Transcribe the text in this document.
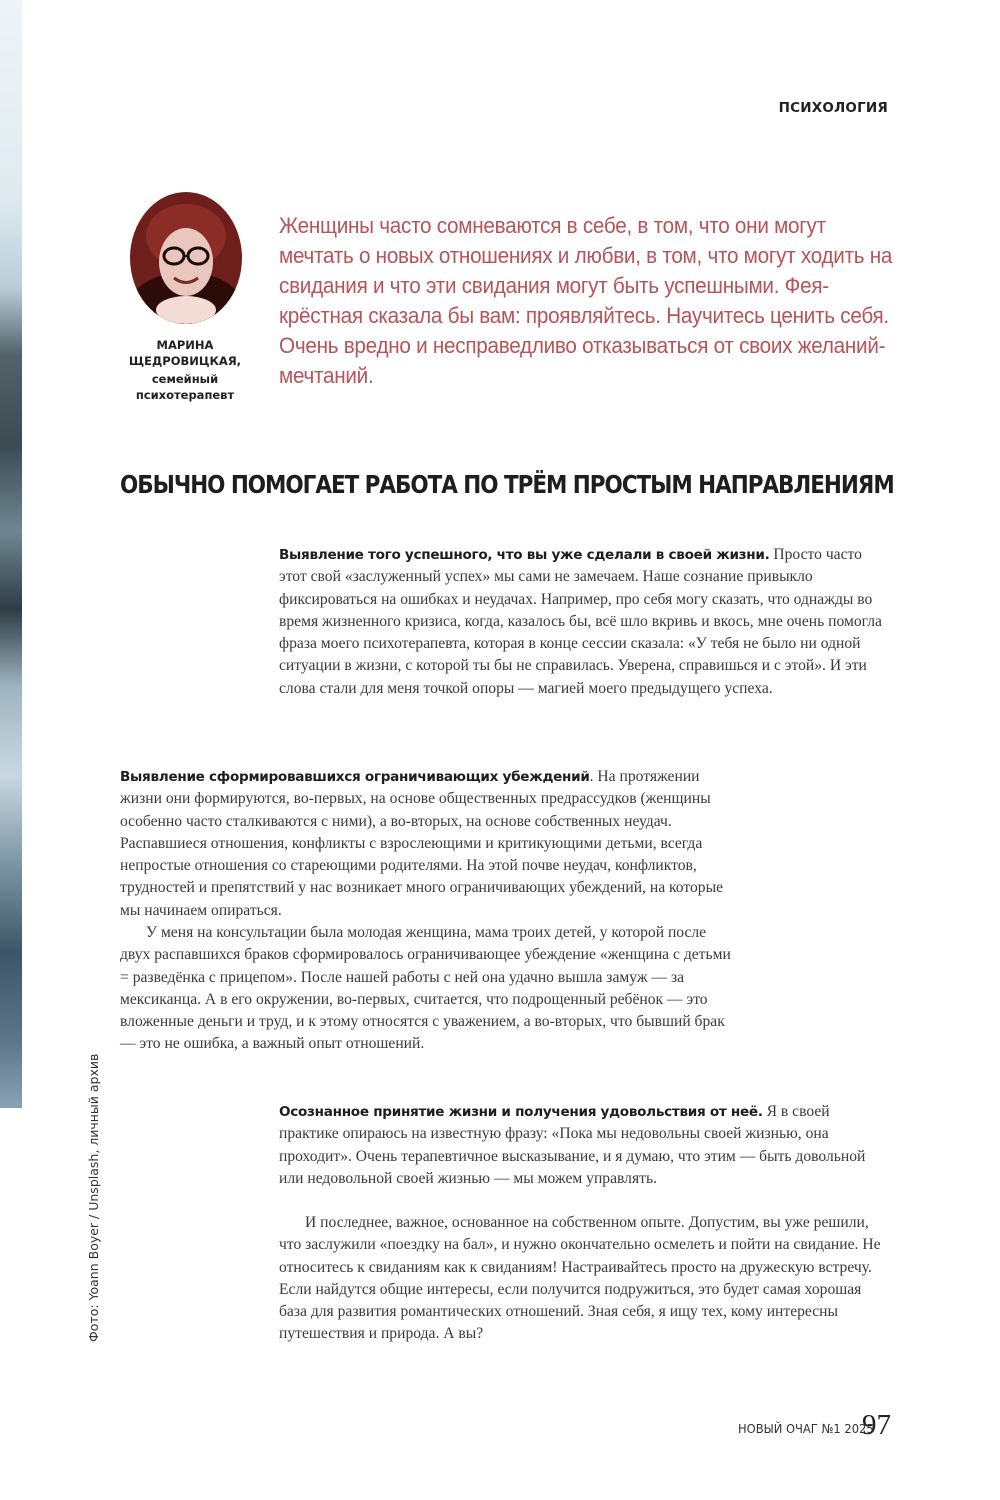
Фото: Yoann Boyer / Unsplash, личный архив
ПСИХОЛОГИЯ
МАРИНА ЩЕДРОВИЦКАЯ,
семейный психотерапевт

Женщины часто сомневаются в себе, в том, что они могут мечтать о новых отношениях и любви, в том, что могут ходить на свидания и что эти свидания могут быть успешными. Фея-крёстная сказала бы вам: проявляйтесь. Научитесь ценить себя. Очень вредно и несправедливо отказываться от своих желаний-мечтаний.

ОБЫЧНО ПОМОГАЕТ РАБОТА ПО ТРЁМ ПРОСТЫМ НАПРАВЛЕНИЯМ

Выявление того успешного, что вы уже сделали в своей жизни. Просто часто этот свой «заслуженный успех» мы сами не замечаем. Наше сознание привыкло фиксироваться на ошибках и неудачах. Например, про себя могу сказать, что однажды во время жизненного кризиса, когда, казалось бы, всё шло вкривь и вкось, мне очень помогла фраза моего психотерапевта, которая в конце сессии сказала: «У тебя не было ни одной ситуации в жизни, с которой ты бы не справилась. Уверена, справишься и с этой». И эти слова стали для меня точкой опоры — магией моего предыдущего успеха.

Выявление сформировавшихся ограничивающих убеждений. На протяжении жизни они формируются, во-первых, на основе общественных предрассудков (женщины особенно часто сталкиваются с ними), а во-вторых, на основе собственных неудач. Распавшиеся отношения, конфликты с взрослеющими и критикующими детьми, всегда непростые отношения со стареющими родителями. На этой почве неудач, конфликтов, трудностей и препятствий у нас возникает много ограничивающих убеждений, на которые мы начинаем опираться.

У меня на консультации была молодая женщина, мама троих детей, у которой после двух распавшихся браков сформировалось ограничивающее убеждение «женщина с детьми = разведёнка с прицепом». После нашей работы с ней она удачно вышла замуж — за мексиканца. А в его окружении, во-первых, считается, что подрощенный ребёнок — это вложенные деньги и труд, и к этому относятся с уважением, а во-вторых, что бывший брак — это не ошибка, а важный опыт отношений.

Осознанное принятие жизни и получения удовольствия от неё. Я в своей практике опираюсь на известную фразу: «Пока мы недовольны своей жизнью, она проходит». Очень терапевтичное высказывание, и я думаю, что этим — быть довольной или недовольной своей жизнью — мы можем управлять.

И последнее, важное, основанное на собственном опыте. Допустим, вы уже решили, что заслужили «поездку на бал», и нужно окончательно осмелеть и пойти на свидание. Не относитесь к свиданиям как к свиданиям! Настраивайтесь просто на дружескую встречу. Если найдутся общие интересы, если получится подружиться, это будет самая хорошая база для развития романтических отношений. Зная себя, я ищу тех, кому интересны путешествия и природа. А вы?

НОВЫЙ ОЧАГ №1 2025
97
